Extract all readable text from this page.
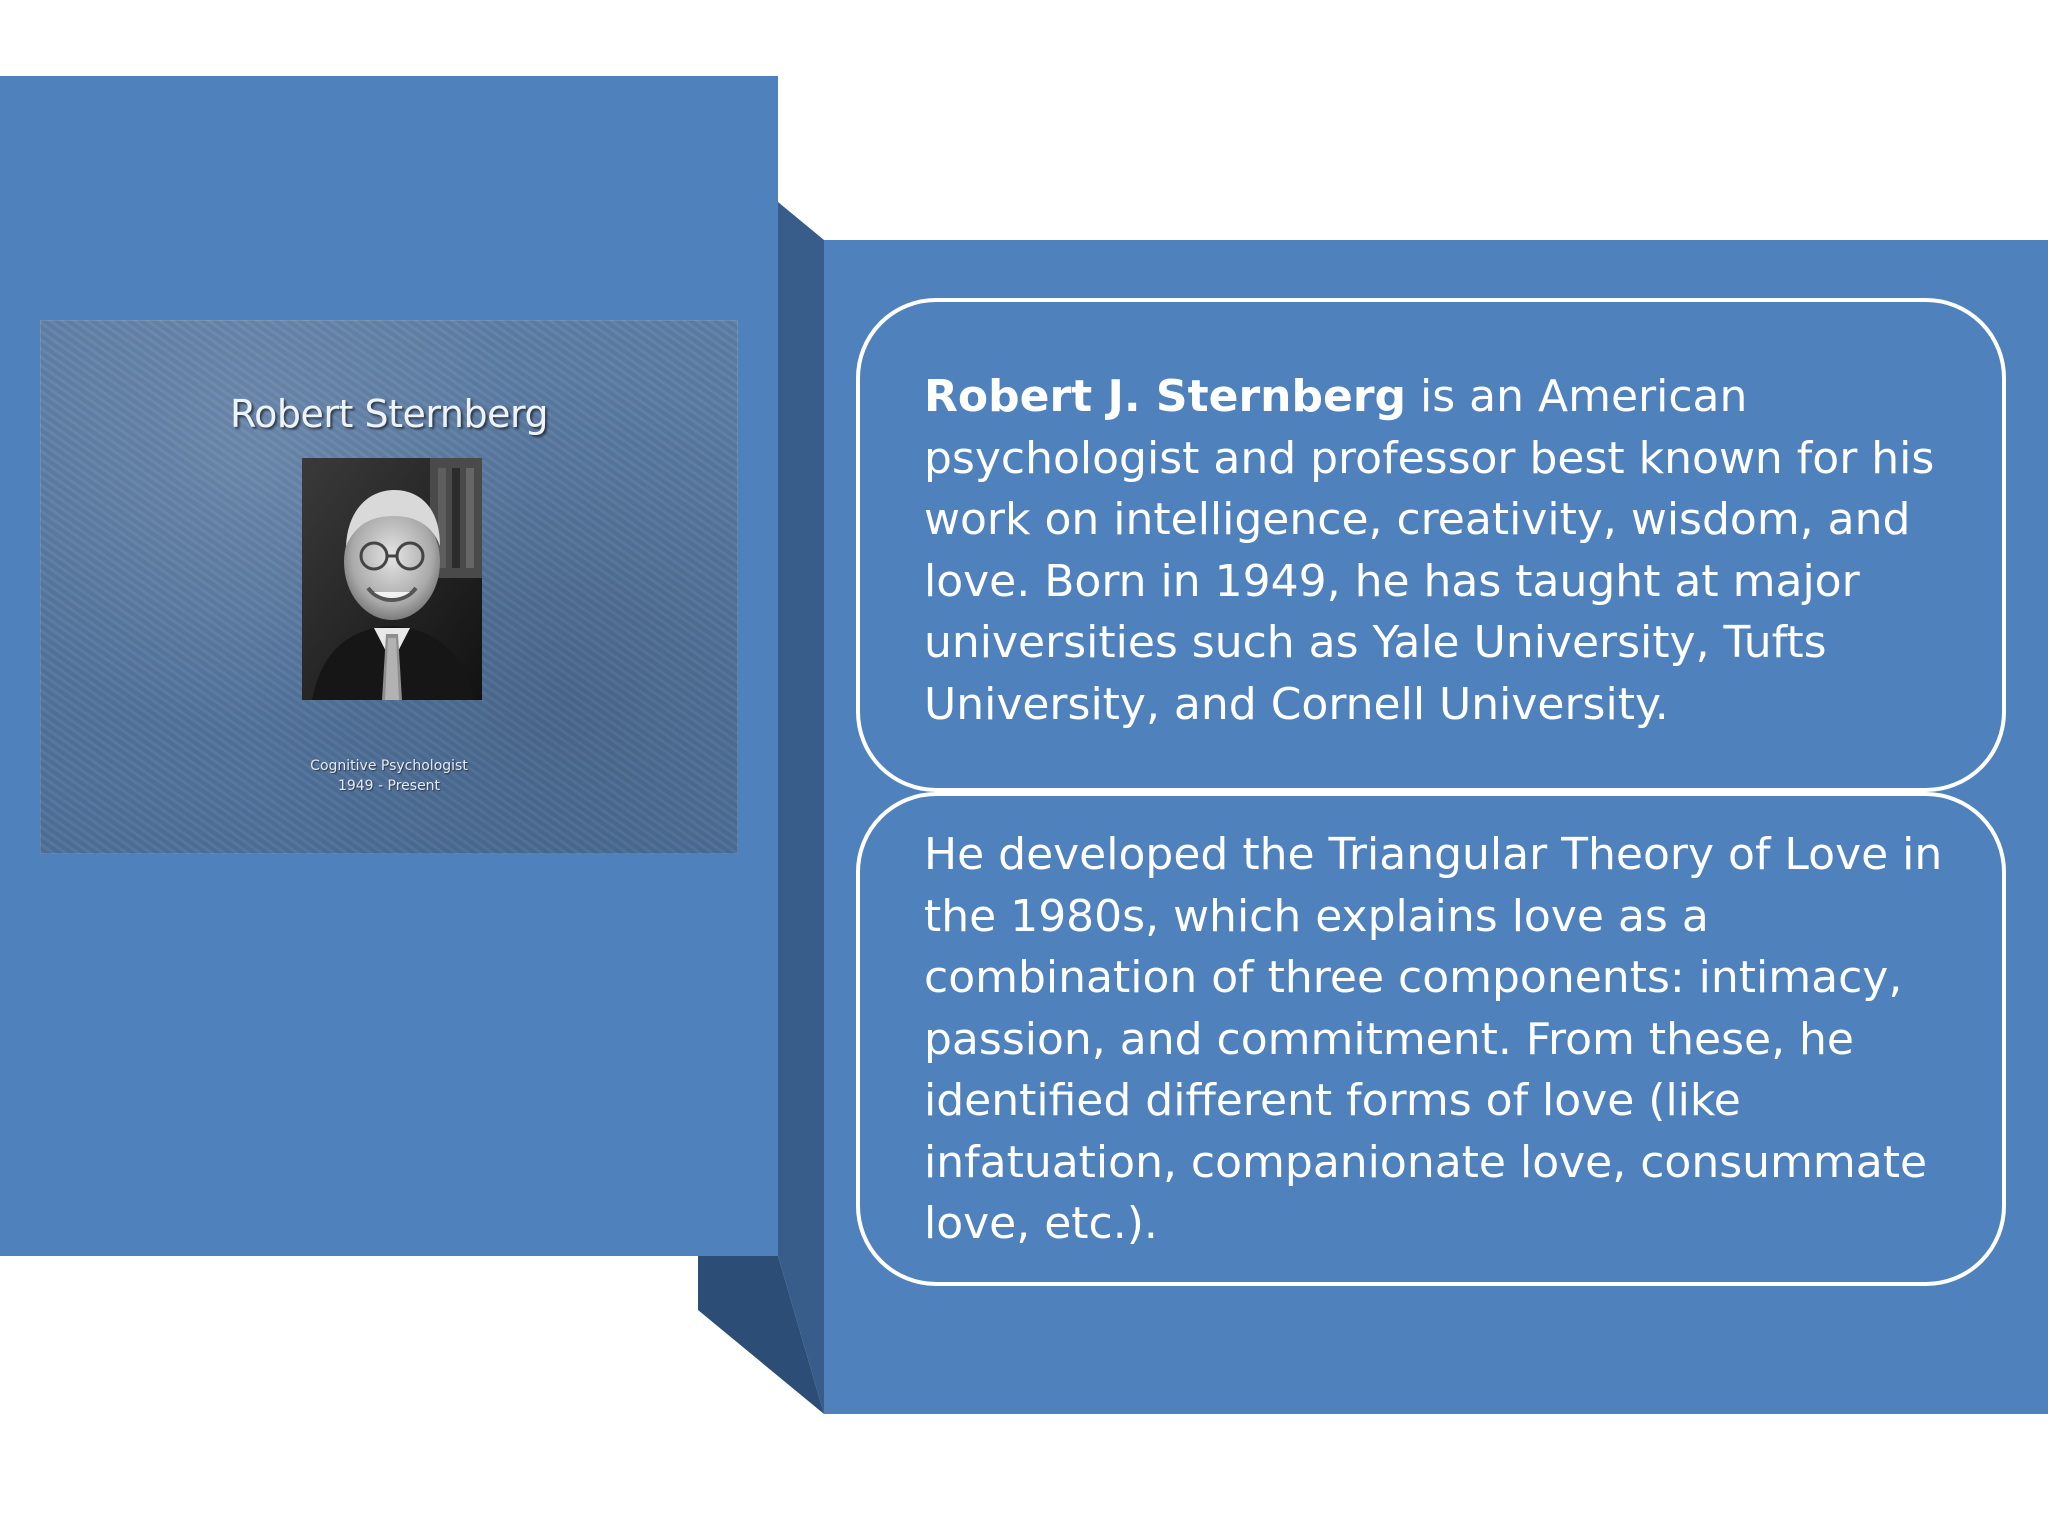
Robert Sternberg
Cognitive Psychologist
1949 - Present
Robert J. Sternberg is an American psychologist and professor best known for his work on intelligence, creativity, wisdom, and love. Born in 1949, he has taught at major universities such as Yale University, Tufts University, and Cornell University.
He developed the Triangular Theory of Love in the 1980s, which explains love as a combination of three components: intimacy, passion, and commitment. From these, he identified different forms of love (like infatuation, companionate love, consummate love, etc.).
